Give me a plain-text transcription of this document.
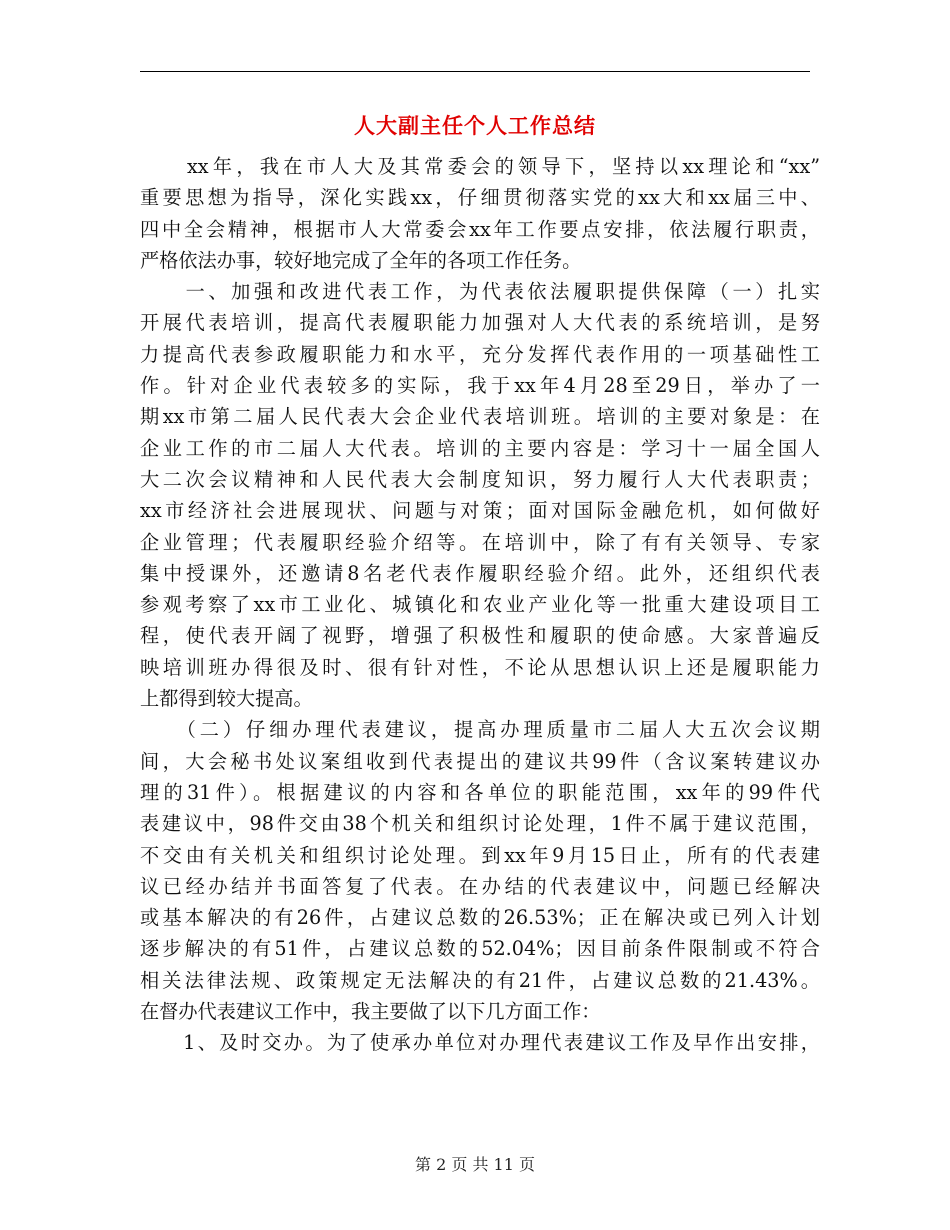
人大副主任个人工作总结
　　xx年，我在市人大及其常委会的领导下，坚持以xx理论和“xx”
重要思想为指导，深化实践xx，仔细贯彻落实党的xx大和xx届三中、
四中全会精神，根据市人大常委会xx年工作要点安排，依法履行职责，
严格依法办事，较好地完成了全年的各项工作任务。
　　一、加强和改进代表工作，为代表依法履职提供保障（一）扎实
开展代表培训，提高代表履职能力加强对人大代表的系统培训，是努
力提高代表参政履职能力和水平，充分发挥代表作用的一项基础性工
作。针对企业代表较多的实际，我于xx年4月28至29日，举办了一
期xx市第二届人民代表大会企业代表培训班。培训的主要对象是：在
企业工作的市二届人大代表。培训的主要内容是：学习十一届全国人
大二次会议精神和人民代表大会制度知识，努力履行人大代表职责；
xx市经济社会进展现状、问题与对策；面对国际金融危机，如何做好
企业管理；代表履职经验介绍等。在培训中，除了有有关领导、专家
集中授课外，还邀请8名老代表作履职经验介绍。此外，还组织代表
参观考察了xx市工业化、城镇化和农业产业化等一批重大建设项目工
程，使代表开阔了视野，增强了积极性和履职的使命感。大家普遍反
映培训班办得很及时、很有针对性，不论从思想认识上还是履职能力
上都得到较大提高。
　　（二）仔细办理代表建议，提高办理质量市二届人大五次会议期
间，大会秘书处议案组收到代表提出的建议共99件（含议案转建议办
理的31件）。根据建议的内容和各单位的职能范围，xx年的99件代
表建议中，98件交由38个机关和组织讨论处理，1件不属于建议范围，
不交由有关机关和组织讨论处理。到xx年9月15日止，所有的代表建
议已经办结并书面答复了代表。在办结的代表建议中，问题已经解决
或基本解决的有26件，占建议总数的26.53%；正在解决或已列入计划
逐步解决的有51件，占建议总数的52.04%；因目前条件限制或不符合
相关法律法规、政策规定无法解决的有21件，占建议总数的21.43%。
在督办代表建议工作中，我主要做了以下几方面工作：
　　1、及时交办。为了使承办单位对办理代表建议工作及早作出安排，
第 2 页 共 11 页
